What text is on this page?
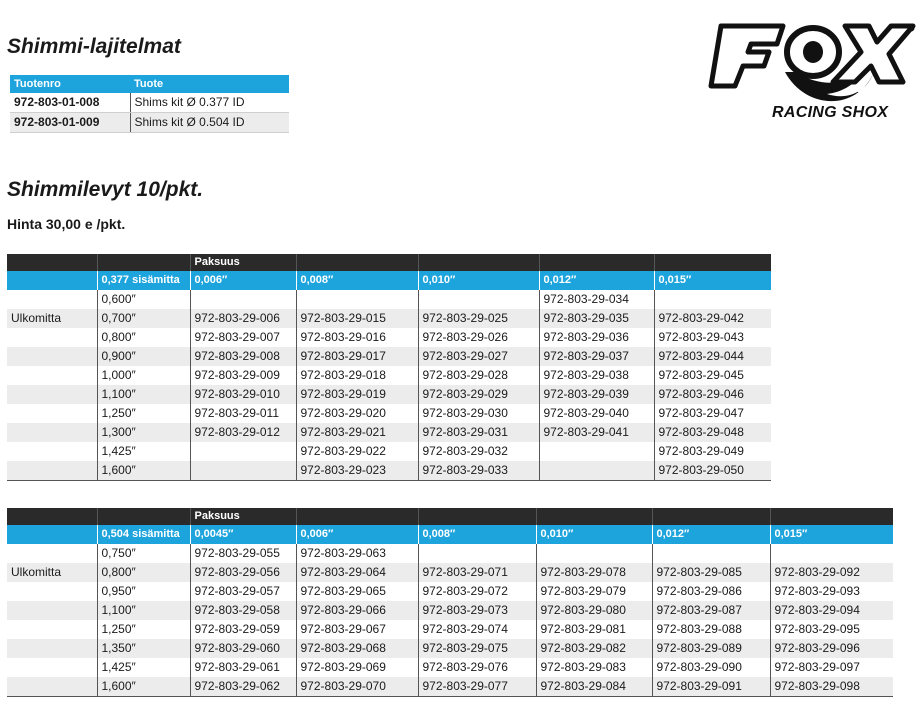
Shimmi-lajitelmat
Tuotenro	Tuote
972-803-01-008	Shims kit Ø 0.377 ID
972-803-01-009	Shims kit Ø 0.504 ID
RACING SHOX
Shimmilevyt 10/pkt.
Hinta 30,00 e /pkt.
		Paksuus				
	0,377 sisämitta	0,006″	0,008″	0,010″	0,012″	0,015″
	0,600″				972-803-29-034	
Ulkomitta	0,700″	972-803-29-006	972-803-29-015	972-803-29-025	972-803-29-035	972-803-29-042
	0,800″	972-803-29-007	972-803-29-016	972-803-29-026	972-803-29-036	972-803-29-043
	0,900″	972-803-29-008	972-803-29-017	972-803-29-027	972-803-29-037	972-803-29-044
	1,000″	972-803-29-009	972-803-29-018	972-803-29-028	972-803-29-038	972-803-29-045
	1,100″	972-803-29-010	972-803-29-019	972-803-29-029	972-803-29-039	972-803-29-046
	1,250″	972-803-29-011	972-803-29-020	972-803-29-030	972-803-29-040	972-803-29-047
	1,300″	972-803-29-012	972-803-29-021	972-803-29-031	972-803-29-041	972-803-29-048
	1,425″		972-803-29-022	972-803-29-032		972-803-29-049
	1,600″		972-803-29-023	972-803-29-033		972-803-29-050
		Paksuus					
	0,504 sisämitta	0,0045″	0,006″	0,008″	0,010″	0,012″	0,015″
	0,750″	972-803-29-055	972-803-29-063				
Ulkomitta	0,800″	972-803-29-056	972-803-29-064	972-803-29-071	972-803-29-078	972-803-29-085	972-803-29-092
	0,950″	972-803-29-057	972-803-29-065	972-803-29-072	972-803-29-079	972-803-29-086	972-803-29-093
	1,100″	972-803-29-058	972-803-29-066	972-803-29-073	972-803-29-080	972-803-29-087	972-803-29-094
	1,250″	972-803-29-059	972-803-29-067	972-803-29-074	972-803-29-081	972-803-29-088	972-803-29-095
	1,350″	972-803-29-060	972-803-29-068	972-803-29-075	972-803-29-082	972-803-29-089	972-803-29-096
	1,425″	972-803-29-061	972-803-29-069	972-803-29-076	972-803-29-083	972-803-29-090	972-803-29-097
	1,600″	972-803-29-062	972-803-29-070	972-803-29-077	972-803-29-084	972-803-29-091	972-803-29-098
